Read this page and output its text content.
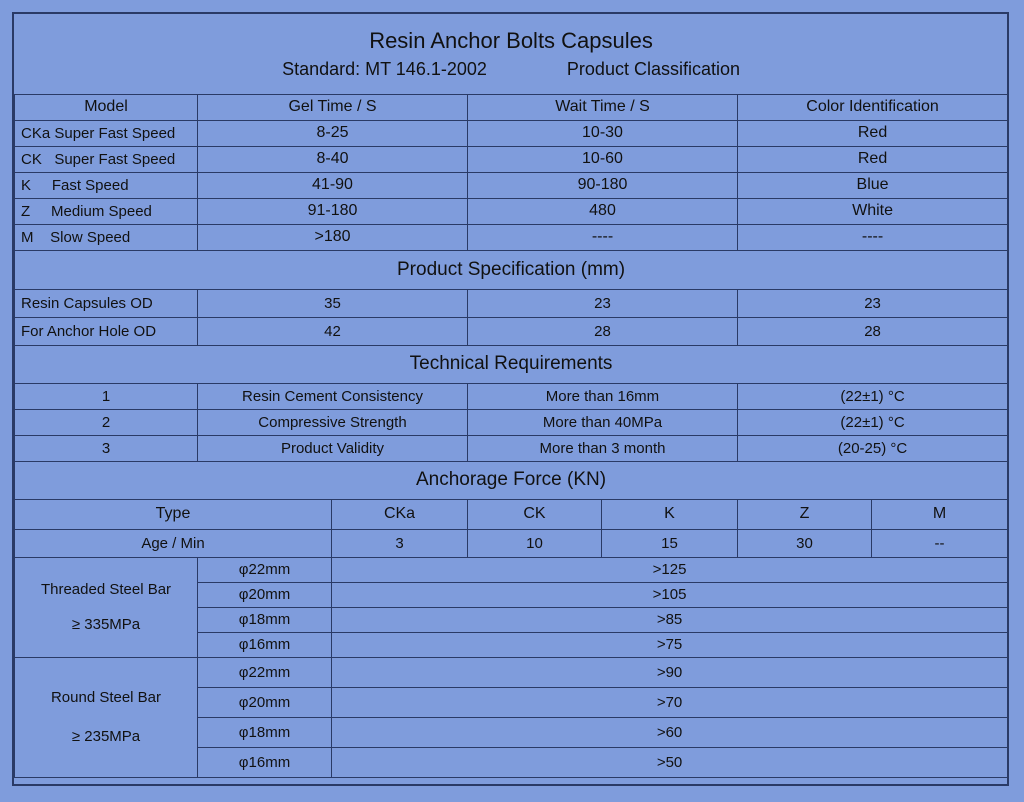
Resin Anchor Bolts Capsules
Standard: MT 146.1-2002 Product Classification						

Model	Gel Time / S		Wait Time / S		Color Identification	
CKa Super Fast Speed	8-25		10-30		Red	
CK   Super Fast Speed	8-40		10-60		Red	
K     Fast Speed	41-90		90-180		Blue	
Z     Medium Speed	91-180		480		White	
M    Slow Speed	>180		----		----	
Product Specification (mm)						
Resin Capsules OD	35		23		23	
For Anchor Hole OD	42		28		28	
Technical Requirements						
1	Resin Cement Consistency		More than 16mm		(22±1) °C	
2	Compressive Strength		More than 40MPa		(22±1) °C	
3	Product Validity		More than 3 month		(20-25) °C	
Anchorage Force (KN)						
Type		CKa	CK	K	Z	M
Age / Min		3	10	15	30	--

Threaded Steel Bar
≥ 335MPa	φ22mm	>125				
	φ20mm	>105				
	φ18mm	>85				
	φ16mm	>75				

Round Steel Bar
≥ 235MPa	φ22mm	>90				
	φ20mm	>70				
	φ18mm	>60				
	φ16mm	>50				
